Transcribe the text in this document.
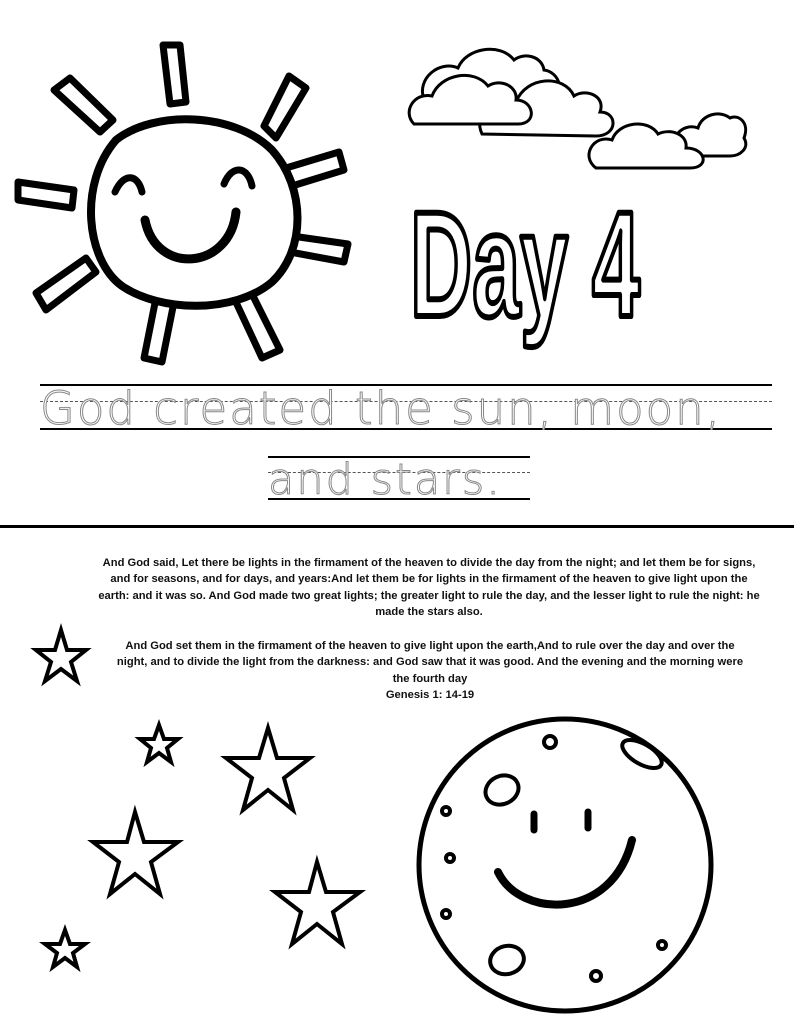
Day 4
God created the sun, moon,
and stars.

And God said, Let there be lights in the firmament of the heaven to divide the day from the night; and let them be for signs, and for seasons, and for days, and years:And let them be for lights in the firmament of the heaven to give light upon the earth: and it was so. And God made two great lights; the greater light to rule the day, and the lesser light to rule the night: he made the stars also.

And God set them in the firmament of the heaven to give light upon the earth,And to rule over the day and over the night, and to divide the light from the darkness: and God saw that it was good. And the evening and the morning were the fourth day

Genesis 1: 14-19
